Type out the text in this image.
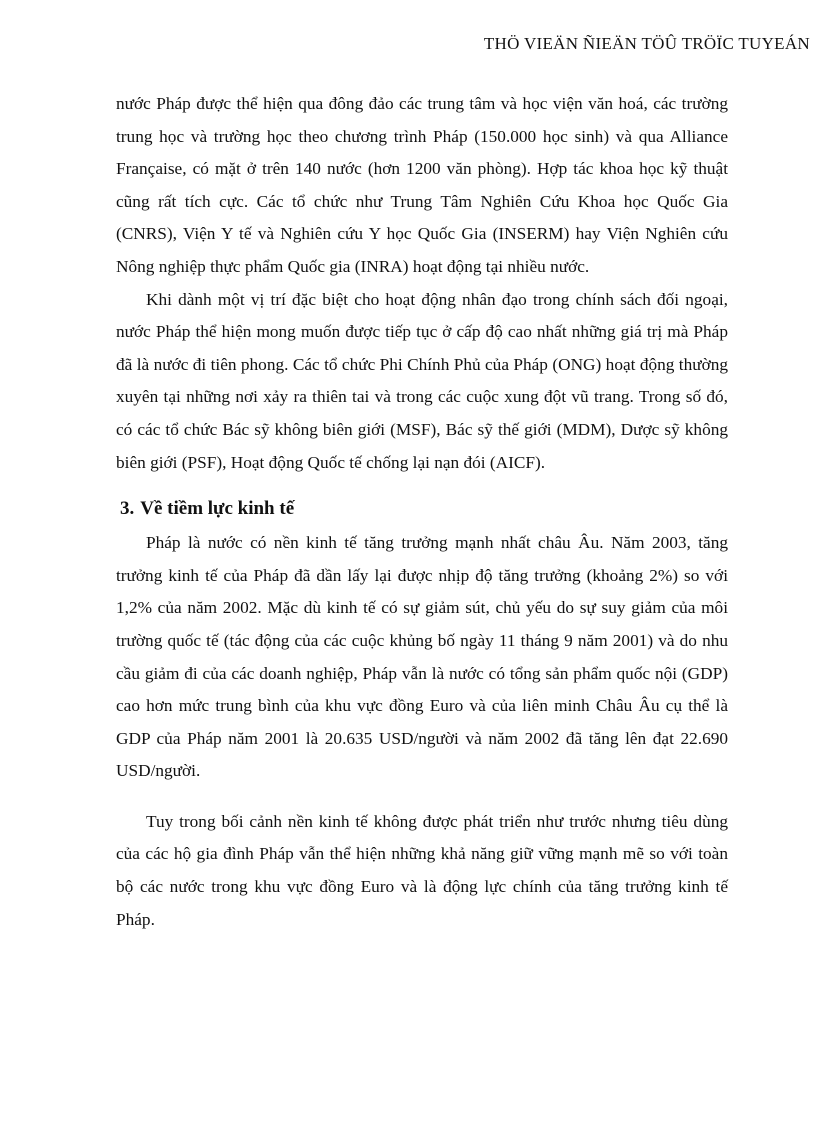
THÖ VIEÄN ÑIEÄN TÖÛ TRÖÏC TUYEÁN

nước Pháp được thể hiện qua đông đảo các trung tâm và học viện văn hoá, các trường trung học và trường học theo chương trình Pháp (150.000 học sinh) và qua Alliance Française, có mặt ở trên 140 nước (hơn 1200 văn phòng). Hợp tác khoa học kỹ thuật cũng rất tích cực. Các tổ chức như Trung Tâm Nghiên Cứu Khoa học Quốc Gia (CNRS), Viện Y tế và Nghiên cứu Y học Quốc Gia (INSERM) hay Viện Nghiên cứu Nông nghiệp thực phẩm Quốc gia (INRA) hoạt động tại nhiều nước.

Khi dành một vị trí đặc biệt cho hoạt động nhân đạo trong chính sách đối ngoại, nước Pháp thể hiện mong muốn được tiếp tục ở cấp độ cao nhất những giá trị mà Pháp đã là nước đi tiên phong. Các tổ chức Phi Chính Phủ của Pháp (ONG) hoạt động thường xuyên tại những nơi xảy ra thiên tai và trong các cuộc xung đột vũ trang. Trong số đó, có các tổ chức Bác sỹ không biên giới (MSF), Bác sỹ thế giới (MDM), Dược sỹ không biên giới (PSF), Hoạt động Quốc tế chống lại nạn đói (AICF).

3. Về tiềm lực kinh tế

Pháp là nước có nền kinh tế tăng trưởng mạnh nhất châu Âu. Năm 2003, tăng trưởng kinh tế của Pháp đã dần lấy lại được nhịp độ tăng trưởng (khoảng 2%) so với 1,2% của năm 2002. Mặc dù kinh tế có sự giảm sút, chủ yếu do sự suy giảm của môi trường quốc tế (tác động của các cuộc khủng bố ngày 11 tháng 9 năm 2001) và do nhu cầu giảm đi của các doanh nghiệp, Pháp vẫn là nước có tổng sản phẩm quốc nội (GDP) cao hơn mức trung bình của khu vực đồng Euro và của liên minh Châu Âu cụ thể là GDP của Pháp năm 2001 là 20.635 USD/người và năm 2002 đã tăng lên đạt 22.690 USD/người.

Tuy trong bối cảnh nền kinh tế không được phát triển như trước nhưng tiêu dùng của các hộ gia đình Pháp vẫn thể hiện những khả năng giữ vững mạnh mẽ so với toàn bộ các nước trong khu vực đồng Euro và là động lực chính của tăng trưởng kinh tế Pháp.
